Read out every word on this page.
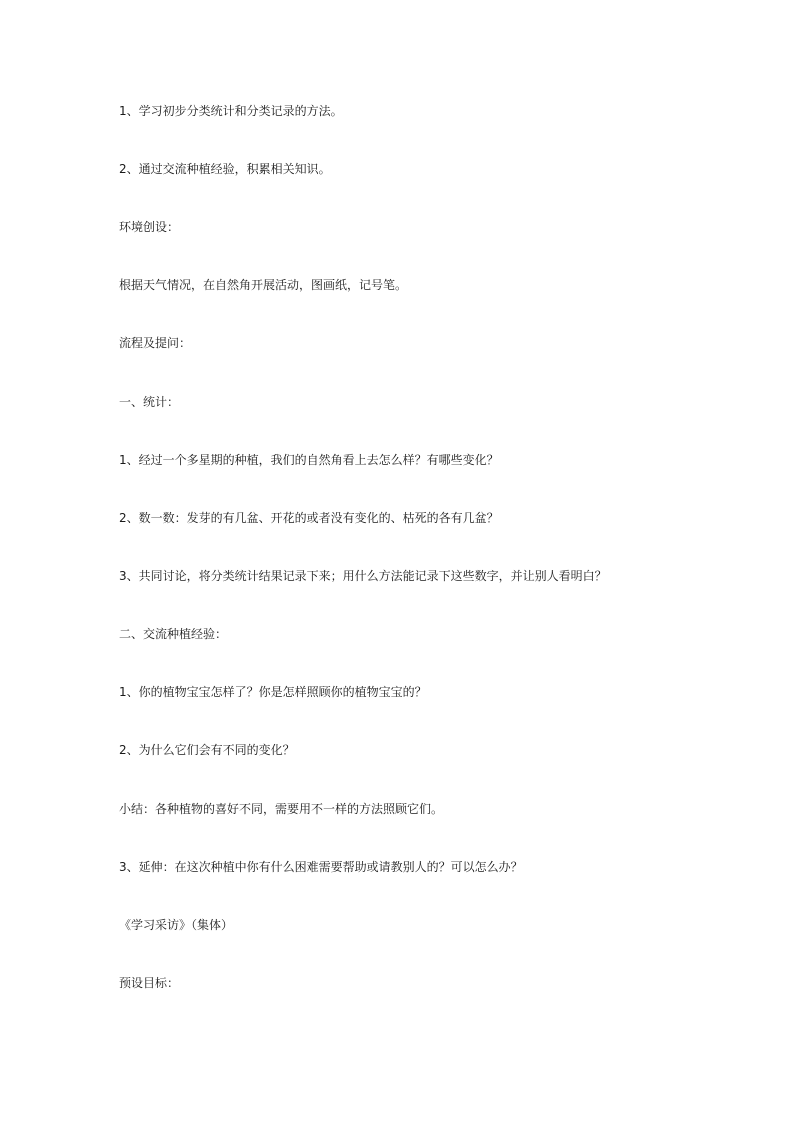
1、学习初步分类统计和分类记录的方法。
2、通过交流种植经验，积累相关知识。
环境创设：
根据天气情况，在自然角开展活动，图画纸，记号笔。
流程及提问：
一、统计：
1、经过一个多星期的种植，我们的自然角看上去怎么样？有哪些变化？
2、数一数：发芽的有几盆、开花的或者没有变化的、枯死的各有几盆？
3、共同讨论，将分类统计结果记录下来；用什么方法能记录下这些数字，并让别人看明白？
二、交流种植经验：
1、你的植物宝宝怎样了？你是怎样照顾你的植物宝宝的？
2、为什么它们会有不同的变化？
小结：各种植物的喜好不同，需要用不一样的方法照顾它们。
3、延伸：在这次种植中你有什么困难需要帮助或请教别人的？可以怎么办？
《学习采访》（集体）
预设目标：
